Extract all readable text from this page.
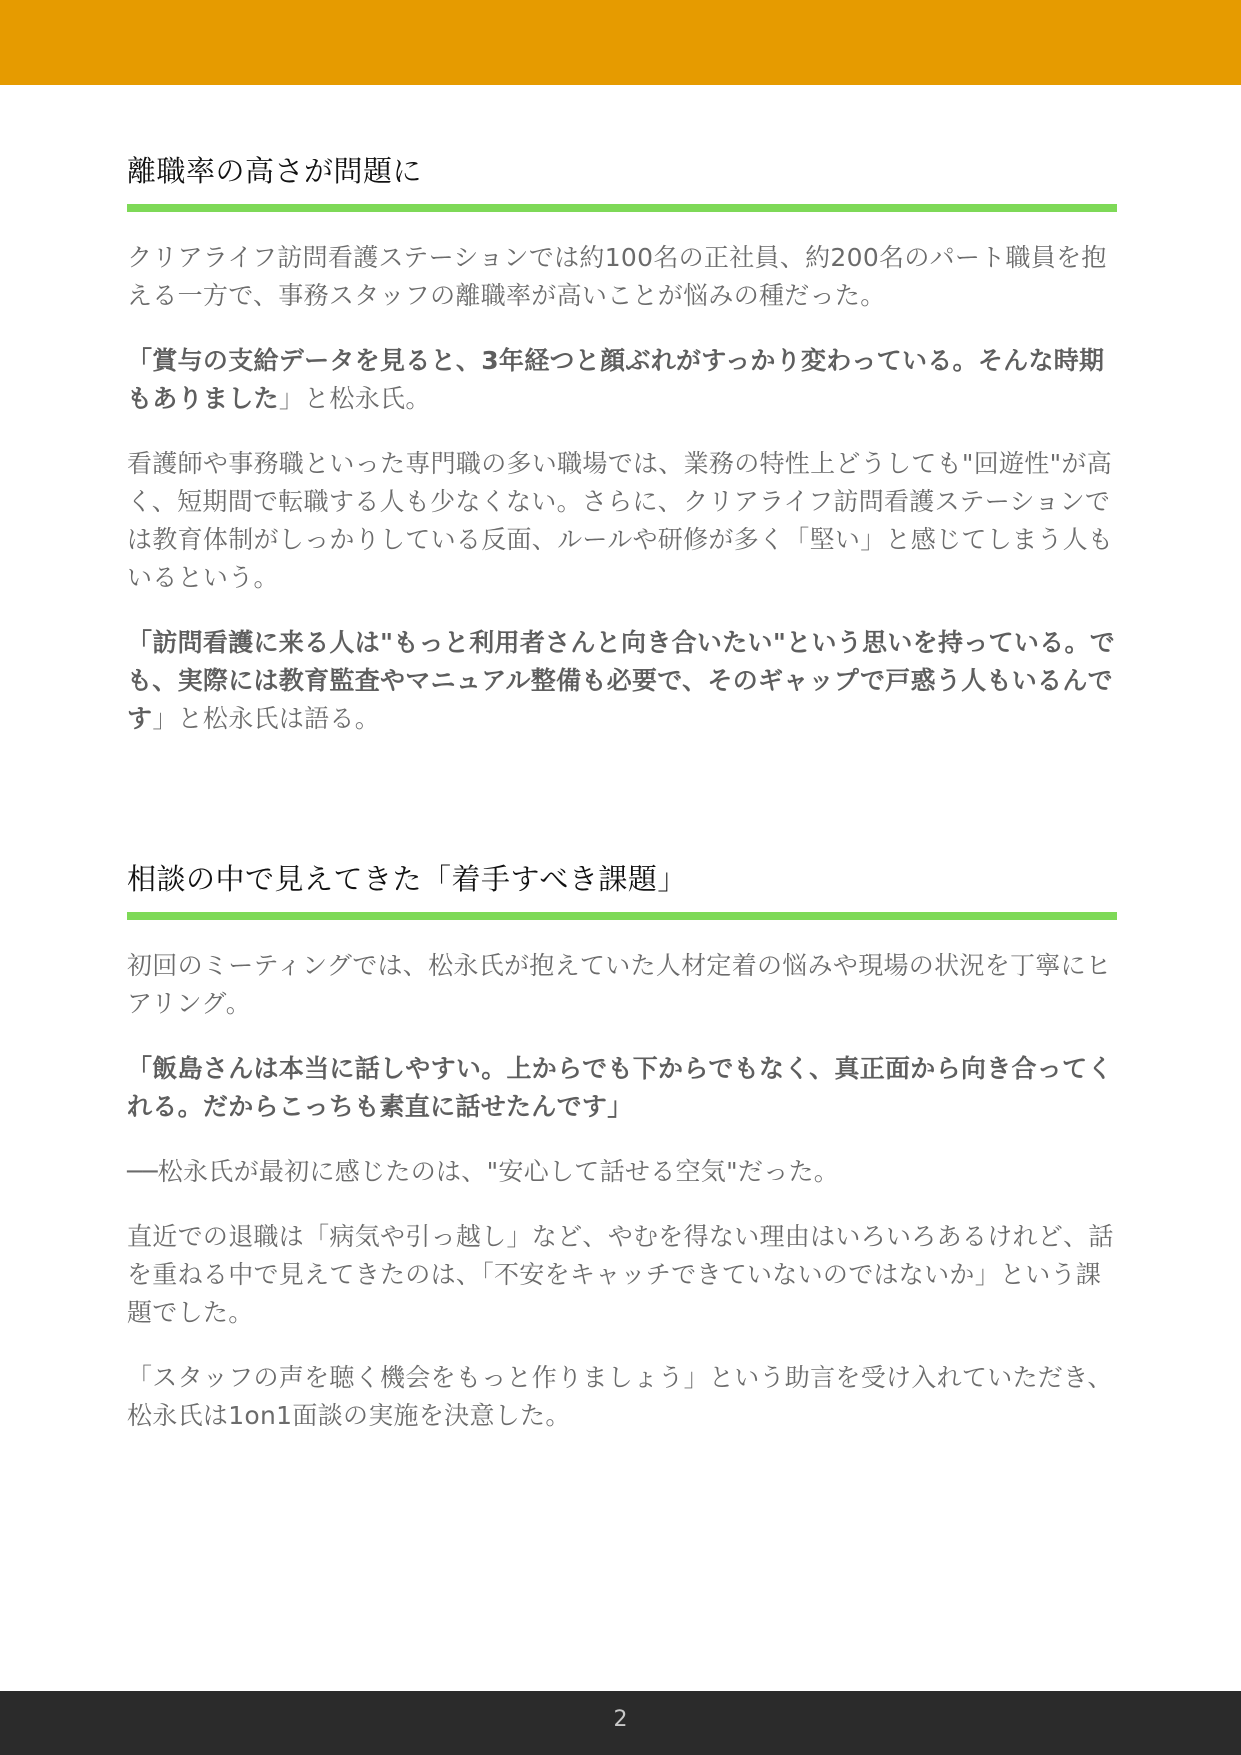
離職率の高さが問題に

クリアライフ訪問看護ステーションでは約100名の正社員、約200名のパート職員を抱える一方で、事務スタッフの離職率が高いことが悩みの種だった。

「賞与の支給データを見ると、3年経つと顔ぶれがすっかり変わっている。そんな時期もありました」と松永氏。

看護師や事務職といった専門職の多い職場では、業務の特性上どうしても"回遊性"が高く、短期間で転職する人も少なくない。さらに、クリアライフ訪問看護ステーションでは教育体制がしっかりしている反面、ルールや研修が多く「堅い」と感じてしまう人もいるという。

「訪問看護に来る人は"もっと利用者さんと向き合いたい"という思いを持っている。でも、実際には教育監査やマニュアル整備も必要で、そのギャップで戸惑う人もいるんです」と松永氏は語る。

相談の中で見えてきた「着手すべき課題」

初回のミーティングでは、松永氏が抱えていた人材定着の悩みや現場の状況を丁寧にヒアリング。

「飯島さんは本当に話しやすい。上からでも下からでもなく、真正面から向き合ってくれる。だからこっちも素直に話せたんです」

──松永氏が最初に感じたのは、"安心して話せる空気"だった。

直近での退職は「病気や引っ越し」など、やむを得ない理由はいろいろあるけれど、話を重ねる中で見えてきたのは、「不安をキャッチできていないのではないか」という課題でした。

「スタッフの声を聴く機会をもっと作りましょう」という助言を受け入れていただき、松永氏は1on1面談の実施を決意した。

2
